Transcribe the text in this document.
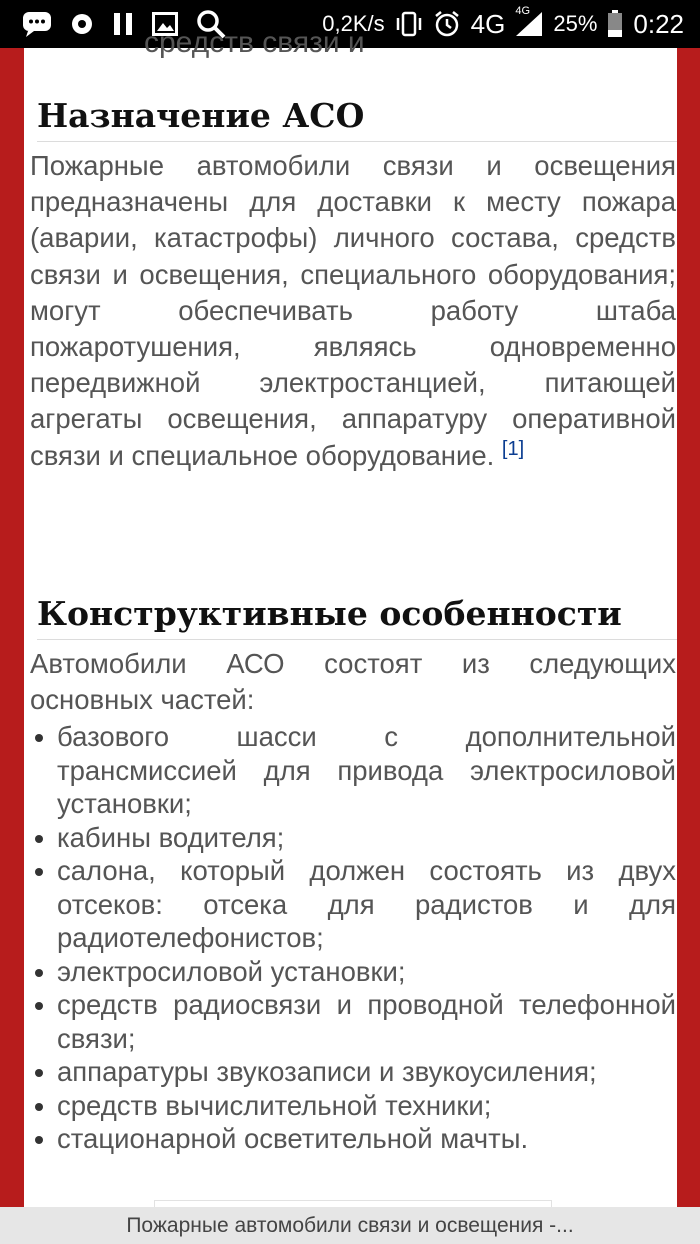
0,2K/s	4G 4G 25% 0:22
средств связи и
Назначение АСО

Пожарные автомобили связи и освещения предназначены для доставки к месту пожара (аварии, катастрофы) личного состава, средств связи и освещения, специального оборудования; могут обеспечивать работу штаба пожаротушения, являясь одновременно передвижной электростанцией, питающей агрегаты освещения, аппаратуру оперативной связи и специальное оборудование. [1]

Конструктивные особенности

Автомобили АСО состоят из следующих основных частей:

базового шасси с дополнительной трансмиссией для привода электросиловой установки;
кабины водителя;
салона, который должен состоять из двух отсеков: отсека для радистов и для радиотелефонистов;
электросиловой установки;
средств радиосвязи и проводной телефонной связи;
аппаратуры звукозаписи и звукоусиления;
средств вычислительной техники;
стационарной осветительной мачты.
Пожарные автомобили связи и освещения -...
